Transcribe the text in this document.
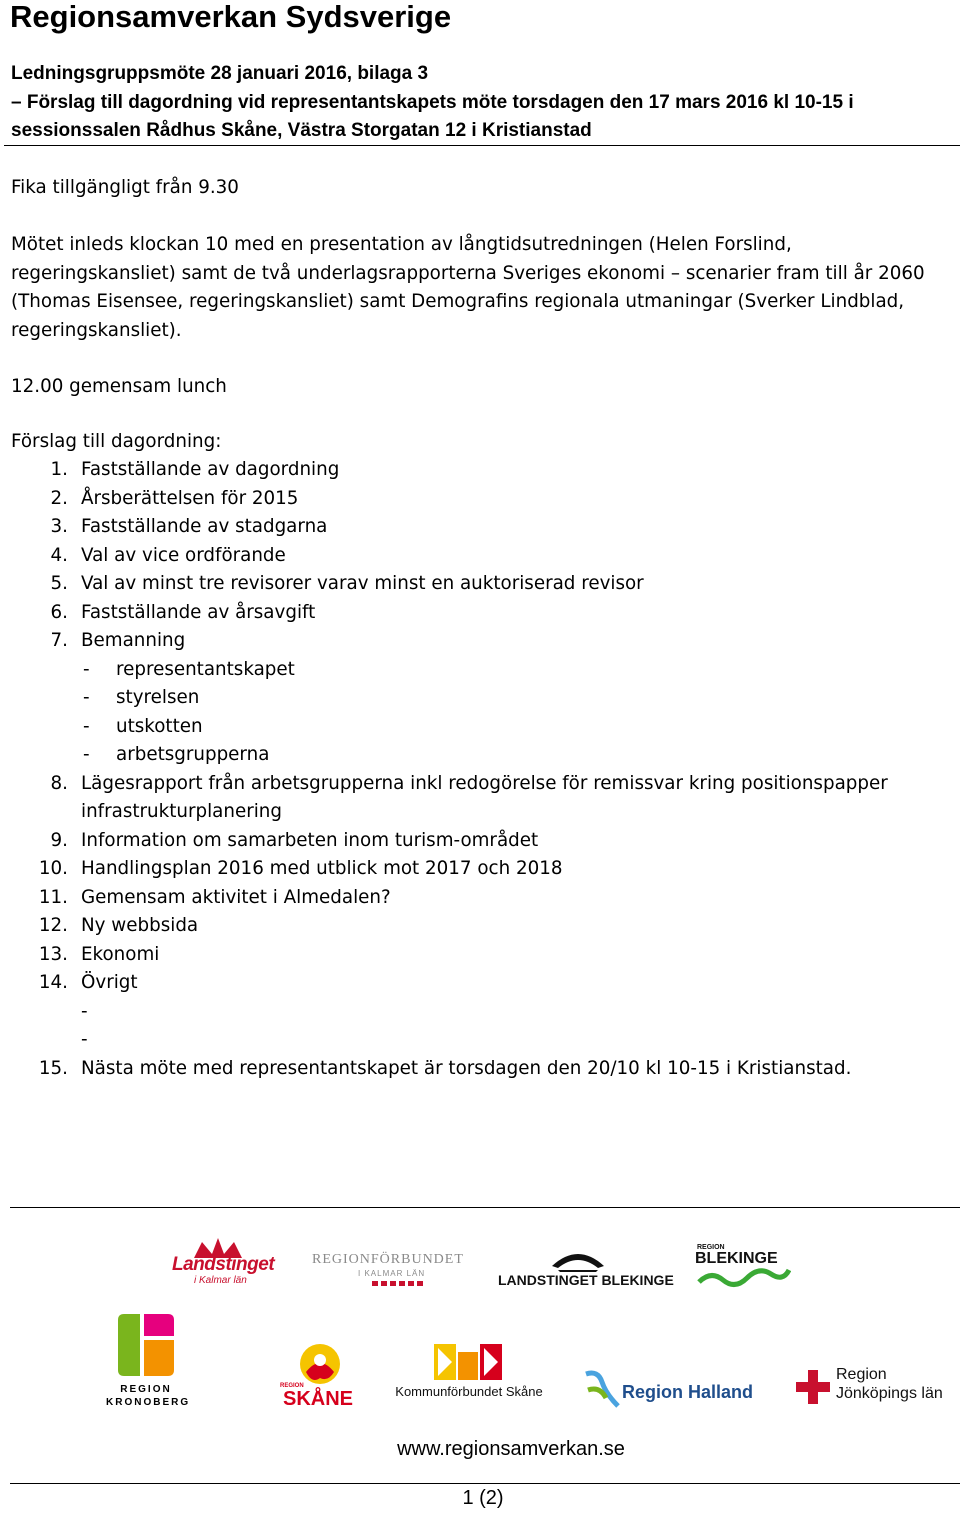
Regionsamverkan Sydsverige
Ledningsgruppsmöte 28 januari 2016, bilaga 3
– Förslag till dagordning vid representantskapets möte torsdagen den 17 mars 2016 kl 10-15 i
sessionssalen Rådhus Skåne, Västra Storgatan 12 i Kristianstad
Fika tillgängligt från 9.30
Mötet inleds klockan 10 med en presentation av långtidsutredningen (Helen Forslind,
regeringskansliet) samt de två underlagsrapporterna Sveriges ekonomi – scenarier fram till år 2060
(Thomas Eisensee, regeringskansliet) samt Demografins regionala utmaningar (Sverker Lindblad,
regeringskansliet).
12.00 gemensam lunch
Förslag till dagordning:
1. Fastställande av dagordning
2. Årsberättelsen för 2015
3. Fastställande av stadgarna
4. Val av vice ordförande
5. Val av minst tre revisorer varav minst en auktoriserad revisor
6. Fastställande av årsavgift
7. Bemanning
- representantskapet
- styrelsen
- utskotten
- arbetsgrupperna
8. Lägesrapport från arbetsgrupperna inkl redogörelse för remissvar kring positionspapper
infrastrukturplanering
9. Information om samarbeten inom turism-området
10. Handlingsplan 2016 med utblick mot 2017 och 2018
11. Gemensam aktivitet i Almedalen?
12. Ny webbsida
13. Ekonomi
14. Övrigt
-
-
15. Nästa möte med representantskapet är torsdagen den 20/10 kl 10-15 i Kristianstad.
Landstinget
i Kalmar län
REGIONFÖRBUNDET
I KALMAR LÄN	LANDSTINGET BLEKINGE
REGION
BLEKINGE
REGION
KRONOBERG
REGION
SKÅNE	Kommunförbundet Skåne	Region Halland
Region
Jönköpings län
www.regionsamverkan.se
1 (2)
